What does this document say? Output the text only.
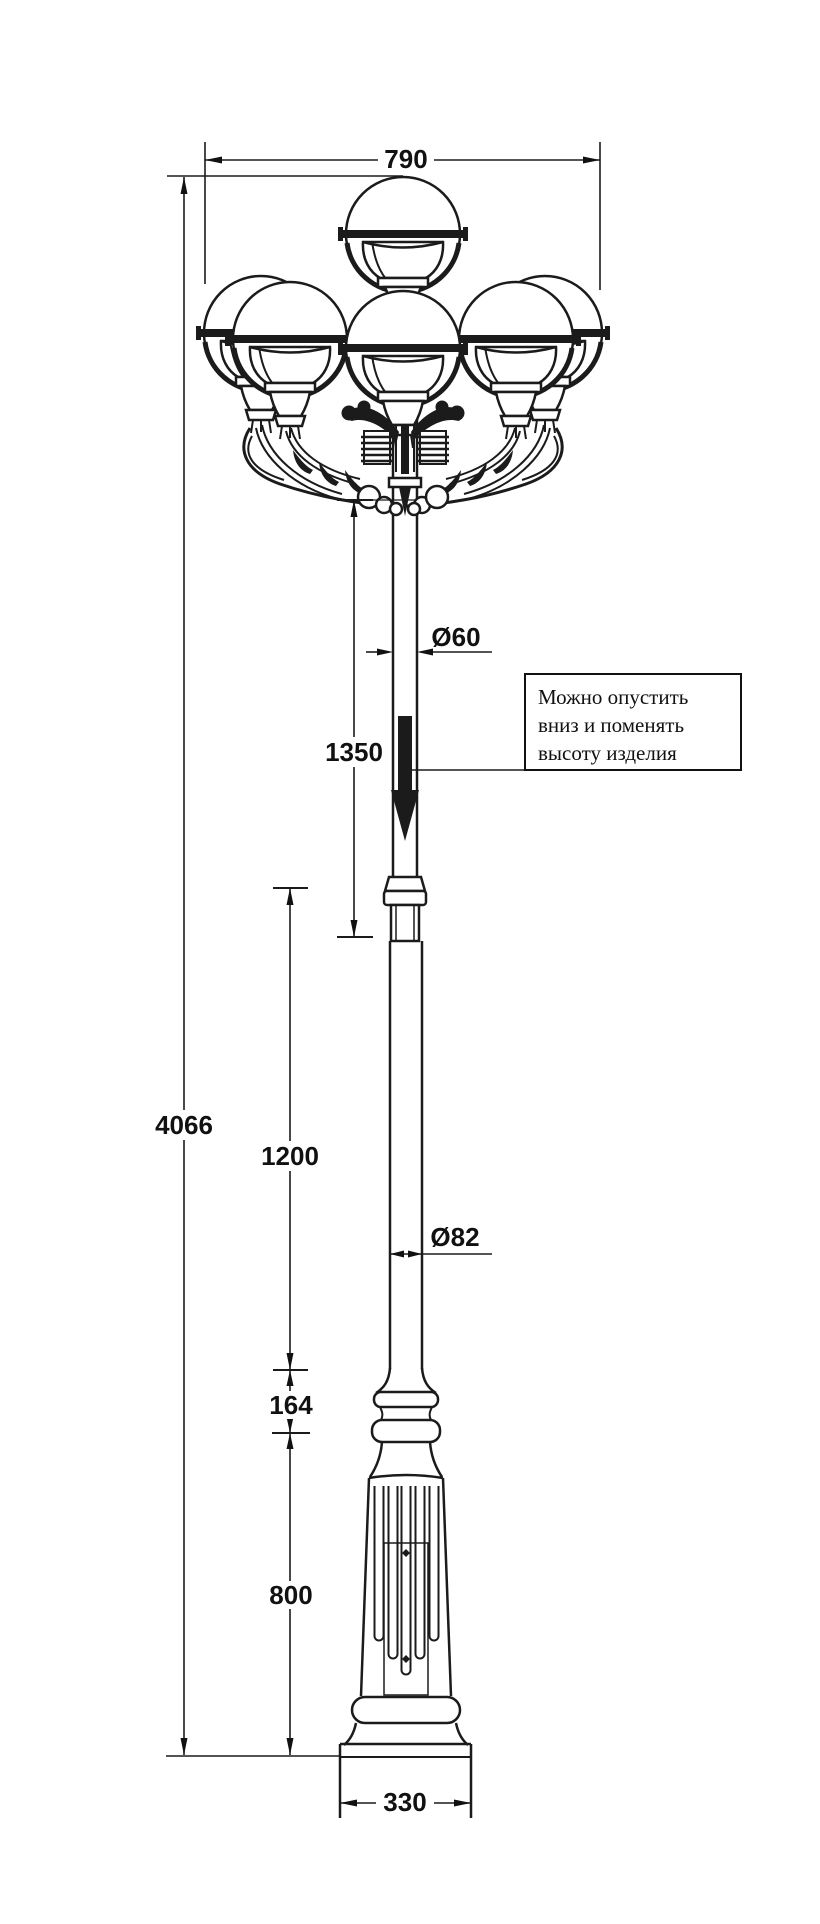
790
4066
1350
1200
164
800
330
Ø60
Ø82
Можно опустить
вниз и поменять
высоту изделия
